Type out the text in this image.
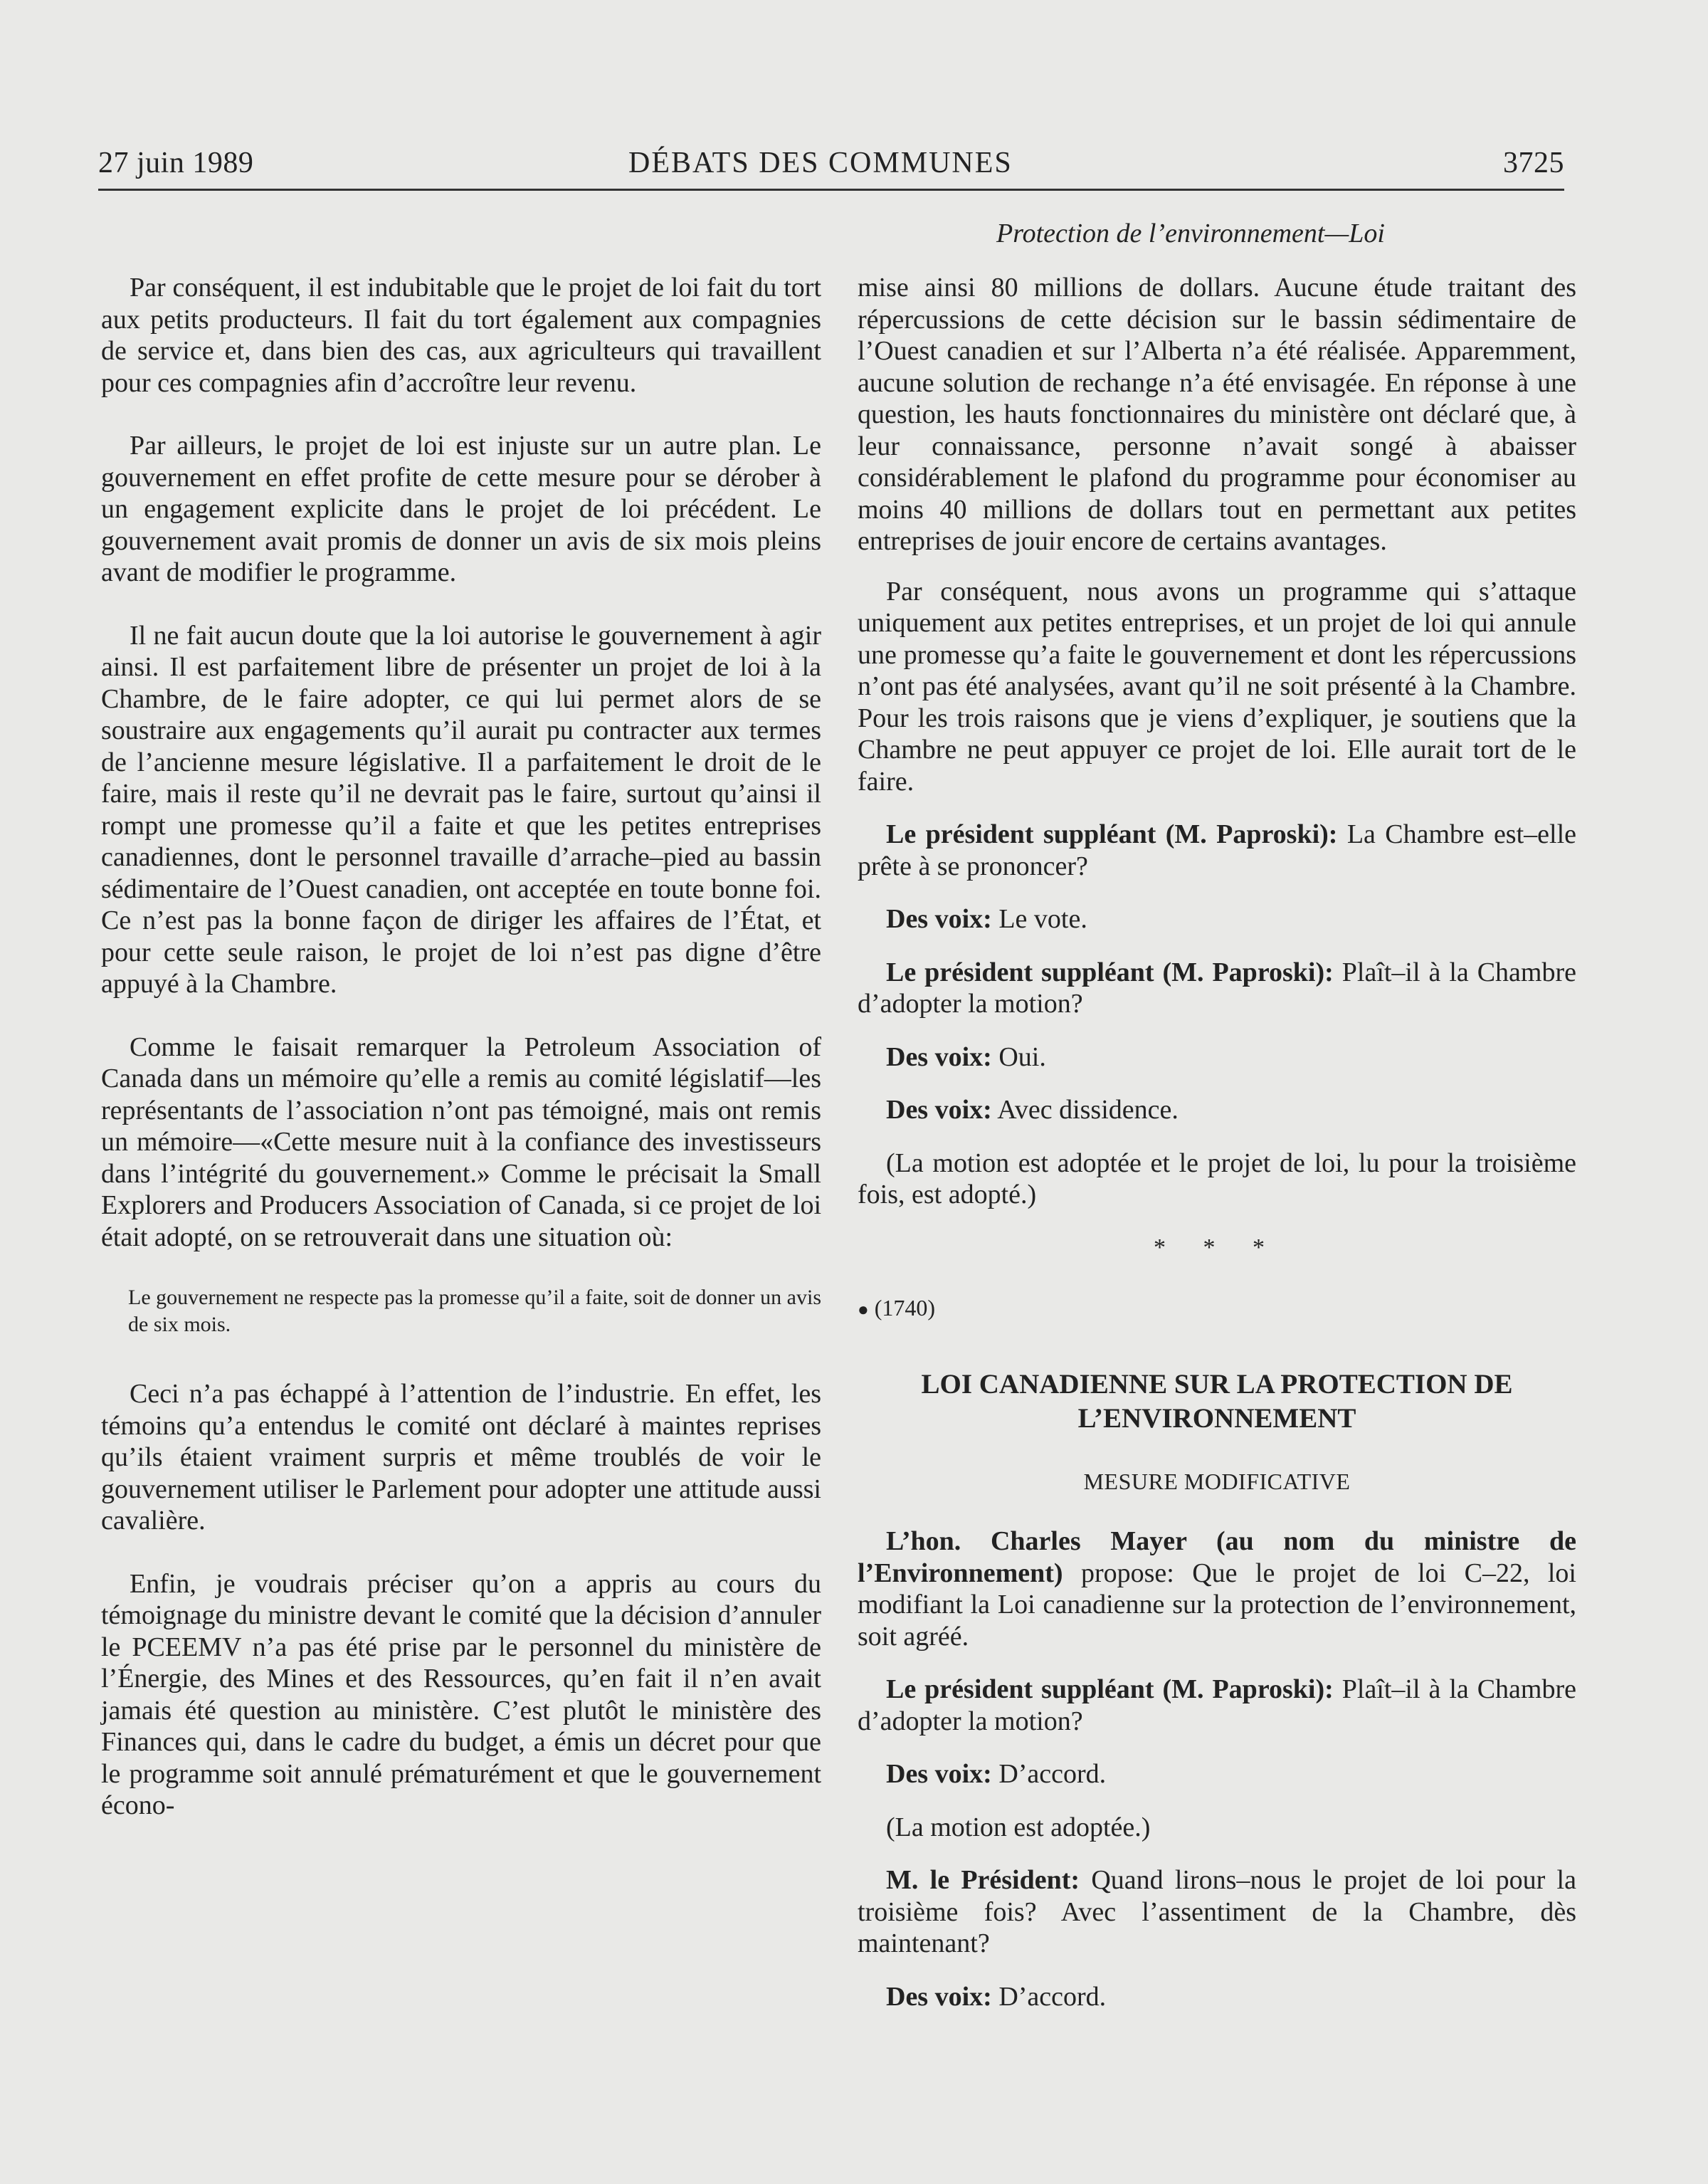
27 juin 1989	DÉBATS DES COMMUNES	3725
Protection de l’environnement—Loi

Par conséquent, il est indubitable que le projet de loi fait du tort aux petits producteurs. Il fait du tort également aux compagnies de service et, dans bien des cas, aux agriculteurs qui travaillent pour ces compagnies afin d’accroître leur revenu.

Par ailleurs, le projet de loi est injuste sur un autre plan. Le gouvernement en effet profite de cette mesure pour se dérober à un engagement explicite dans le projet de loi précédent. Le gouvernement avait promis de donner un avis de six mois pleins avant de modifier le programme.

Il ne fait aucun doute que la loi autorise le gouvernement à agir ainsi. Il est parfaitement libre de présenter un projet de loi à la Chambre, de le faire adopter, ce qui lui permet alors de se soustraire aux engagements qu’il aurait pu contracter aux termes de l’ancienne mesure législative. Il a parfaitement le droit de le faire, mais il reste qu’il ne devrait pas le faire, surtout qu’ainsi il rompt une promesse qu’il a faite et que les petites entreprises canadiennes, dont le personnel travaille d’arrache–pied au bassin sédimentaire de l’Ouest canadien, ont acceptée en toute bonne foi. Ce n’est pas la bonne façon de diriger les affaires de l’État, et pour cette seule raison, le projet de loi n’est pas digne d’être appuyé à la Chambre.

Comme le faisait remarquer la Petroleum Association of Canada dans un mémoire qu’elle a remis au comité législatif—les représentants de l’association n’ont pas témoigné, mais ont remis un mémoire—«Cette mesure nuit à la confiance des investisseurs dans l’intégrité du gouvernement.» Comme le précisait la Small Explorers and Producers Association of Canada, si ce projet de loi était adopté, on se retrouverait dans une situation où:

Le gouvernement ne respecte pas la promesse qu’il a faite, soit de donner un avis de six mois.

Ceci n’a pas échappé à l’attention de l’industrie. En effet, les témoins qu’a entendus le comité ont déclaré à maintes reprises qu’ils étaient vraiment surpris et même troublés de voir le gouvernement utiliser le Parlement pour adopter une attitude aussi cavalière.

Enfin, je voudrais préciser qu’on a appris au cours du témoignage du ministre devant le comité que la décision d’annuler le PCEEMV n’a pas été prise par le personnel du ministère de l’Énergie, des Mines et des Ressources, qu’en fait il n’en avait jamais été question au ministère. C’est plutôt le ministère des Finances qui, dans le cadre du budget, a émis un décret pour que le programme soit annulé prématurément et que le gouvernement écono-

mise ainsi 80 millions de dollars. Aucune étude traitant des répercussions de cette décision sur le bassin sédimentaire de l’Ouest canadien et sur l’Alberta n’a été réalisée. Apparemment, aucune solution de rechange n’a été envisagée. En réponse à une question, les hauts fonctionnaires du ministère ont déclaré que, à leur connaissance, personne n’avait songé à abaisser considérablement le plafond du programme pour économiser au moins 40 millions de dollars tout en permettant aux petites entreprises de jouir encore de certains avantages.

Par conséquent, nous avons un programme qui s’attaque uniquement aux petites entreprises, et un projet de loi qui annule une promesse qu’a faite le gouvernement et dont les répercussions n’ont pas été analysées, avant qu’il ne soit présenté à la Chambre. Pour les trois raisons que je viens d’expliquer, je soutiens que la Chambre ne peut appuyer ce projet de loi. Elle aurait tort de le faire.

Le président suppléant (M. Paproski): La Chambre est–elle prête à se prononcer?

Des voix: Le vote.

Le président suppléant (M. Paproski): Plaît–il à la Chambre d’adopter la motion?

Des voix: Oui.

Des voix: Avec dissidence.

(La motion est adoptée et le projet de loi, lu pour la troisième fois, est adopté.)

* * *
● (1740)
LOI CANADIENNE SUR LA PROTECTION DE L’ENVIRONNEMENT
MESURE MODIFICATIVE

L’hon. Charles Mayer (au nom du ministre de l’Environnement) propose: Que le projet de loi C–22, loi modifiant la Loi canadienne sur la protection de l’environnement, soit agréé.

Le président suppléant (M. Paproski): Plaît–il à la Chambre d’adopter la motion?

Des voix: D’accord.

(La motion est adoptée.)

M. le Président: Quand lirons–nous le projet de loi pour la troisième fois? Avec l’assentiment de la Chambre, dès maintenant?

Des voix: D’accord.
